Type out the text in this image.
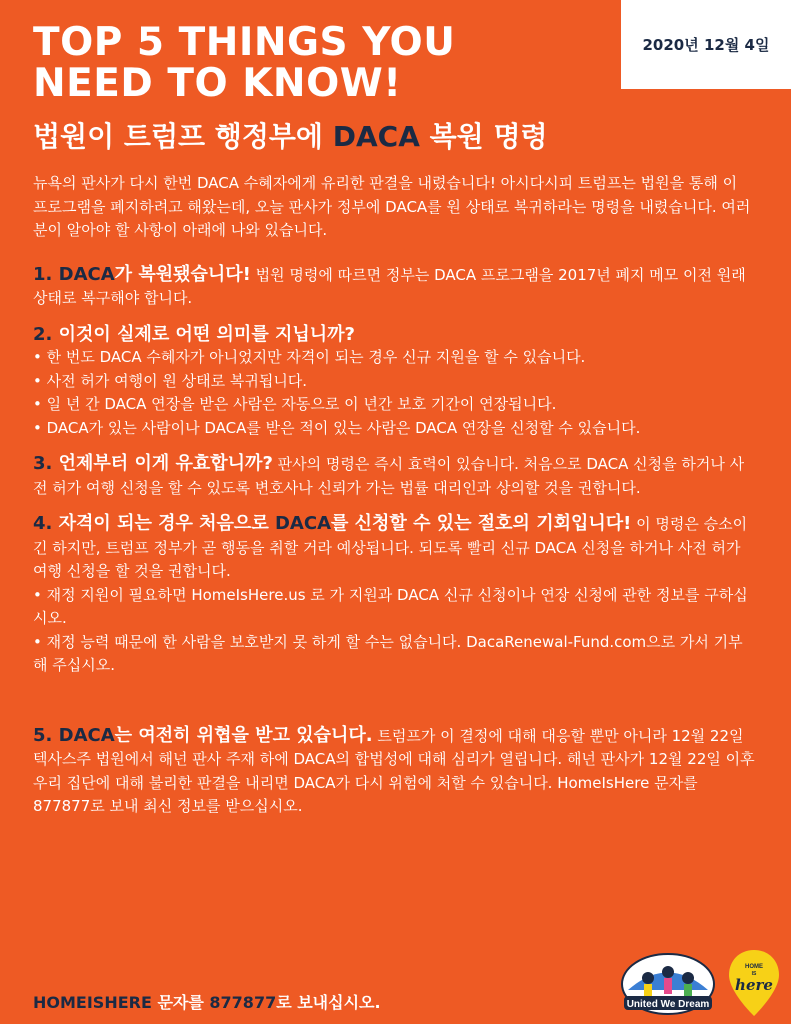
2020년 12월 4일
TOP 5 THINGS YOU
NEED TO KNOW!
법원이 트럼프 행정부에 DACA 복원 명령

뉴욕의 판사가 다시 한번 DACA 수혜자에게 유리한 판결을 내렸습니다! 아시다시피 트럼프는 법원을 통해 이 프로그램을 폐지하려고 해왔는데, 오늘 판사가 정부에 DACA를 원 상태로 복귀하라는 명령을 내렸습니다. 여러분이 알아야 할 사항이 아래에 나와 있습니다.

1. DACA가 복원됐습니다! 법원 명령에 따르면 정부는 DACA 프로그램을 2017년 폐지 메모 이전 원래 상태로 복구해야 합니다.

2. 이것이 실제로 어떤 의미를 지닙니까?

• 한 번도 DACA 수혜자가 아니었지만 자격이 되는 경우 신규 지원을 할 수 있습니다.

• 사전 허가 여행이 원 상태로 복귀됩니다.

• 일 년 간 DACA 연장을 받은 사람은 자동으로 이 년간 보호 기간이 연장됩니다.

• DACA가 있는 사람이나 DACA를 받은 적이 있는 사람은 DACA 연장을 신청할 수 있습니다.

3. 언제부터 이게 유효합니까? 판사의 명령은 즉시 효력이 있습니다. 처음으로 DACA 신청을 하거나 사전 허가 여행 신청을 할 수 있도록 변호사나 신뢰가 가는 법률 대리인과 상의할 것을 권합니다.

4. 자격이 되는 경우 처음으로 DACA를 신청할 수 있는 절호의 기회입니다! 이 명령은 승소이긴 하지만, 트럼프 정부가 곧 행동을 취할 거라 예상됩니다. 되도록 빨리 신규 DACA 신청을 하거나 사전 허가 여행 신청을 할 것을 권합니다.

• 재정 지원이 필요하면 HomeIsHere.us 로 가 지원과 DACA 신규 신청이나 연장 신청에 관한 정보를 구하십시오.

• 재정 능력 때문에 한 사람을 보호받지 못 하게 할 수는 없습니다. DacaRenewal-Fund.com으로 가서 기부해 주십시오.

5. DACA는 여전히 위협을 받고 있습니다. 트럼프가 이 결정에 대해 대응할 뿐만 아니라 12월 22일 텍사스주 법원에서 해넌 판사 주재 하에 DACA의 합법성에 대해 심리가 열립니다. 해넌 판사가 12월 22일 이후 우리 집단에 대해 불리한 판결을 내리면 DACA가 다시 위험에 처할 수 있습니다. HomeIsHere 문자를 877877로 보내 최신 정보를 받으십시오.

HOMEISHERE 문자를 877877로 보내십시오.	United We Dream
HOME
IS
here
